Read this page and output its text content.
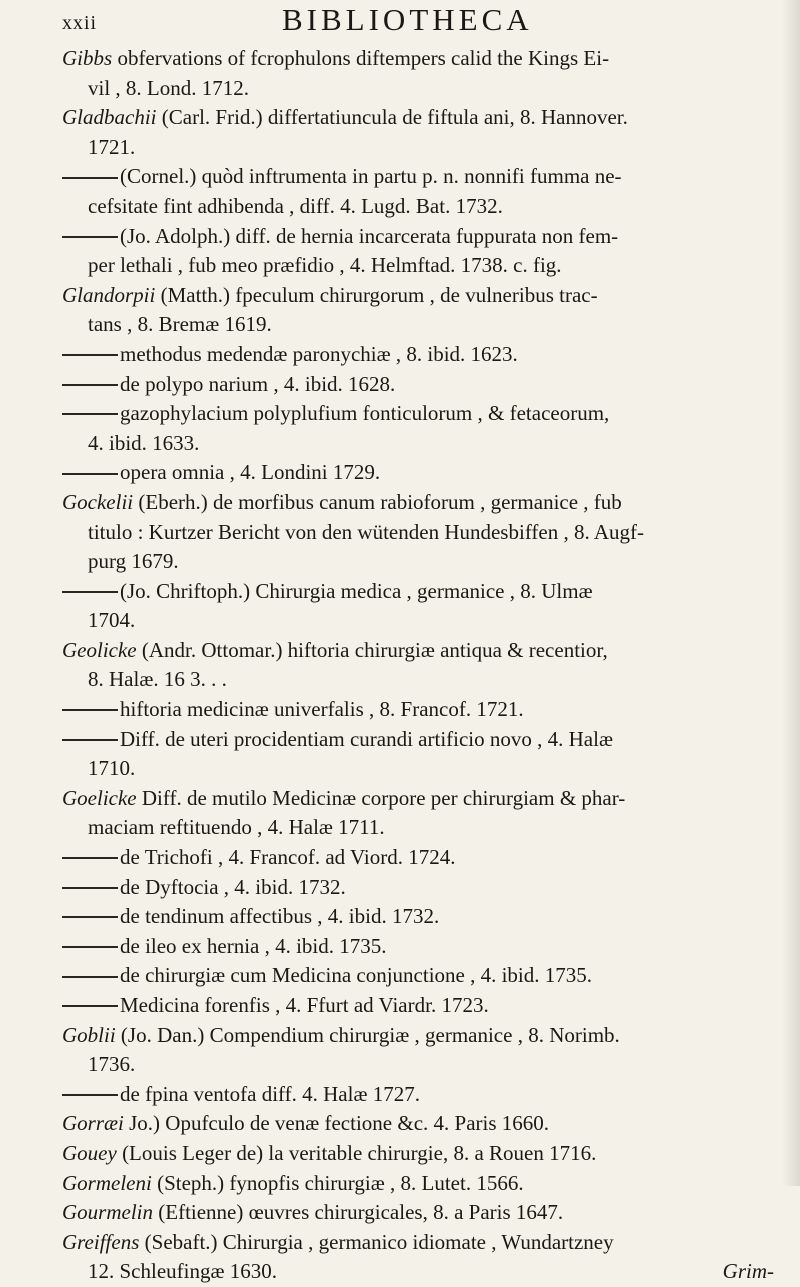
xxii	BIBLIOTHECA
Gibbs obfervations of fcrophulons diftempers calid the Kings Ei-
vil , 8. Lond. 1712.
Gladbachii (Carl. Frid.) differtatiuncula de fiftula ani, 8. Hannover.
1721.
(Cornel.) quòd inftrumenta in partu p. n. nonnifi fumma ne-
cefsitate fint adhibenda , diff. 4. Lugd. Bat. 1732.
(Jo. Adolph.) diff. de hernia incarcerata fuppurata non fem-
per lethali , fub meo præfidio , 4. Helmftad. 1738. c. fig.
Glandorpii (Matth.) fpeculum chirurgorum , de vulneribus trac-
tans , 8. Bremæ 1619.
methodus medendæ paronychiæ , 8. ibid. 1623.
de polypo narium , 4. ibid. 1628.
gazophylacium polyplufium fonticulorum , & fetaceorum,
4. ibid. 1633.
opera omnia , 4. Londini 1729.
Gockelii (Eberh.) de morfibus canum rabioforum , germanice , fub
titulo : Kurtzer Bericht von den wütenden Hundesbiffen , 8. Augf-
purg 1679.
(Jo. Chriftoph.) Chirurgia medica , germanice , 8. Ulmæ
1704.
Geolicke (Andr. Ottomar.) hiftoria chirurgiæ antiqua & recentior,
8. Halæ. 16 3. . .
hiftoria medicinæ univerfalis , 8. Francof. 1721.
Diff. de uteri procidentiam curandi artificio novo , 4. Halæ
1710.
Goelicke Diff. de mutilo Medicinæ corpore per chirurgiam & phar-
maciam reftituendo , 4. Halæ 1711.
de Trichofi , 4. Francof. ad Viord. 1724.
de Dyftocia , 4. ibid. 1732.
de tendinum affectibus , 4. ibid. 1732.
de ileo ex hernia , 4. ibid. 1735.
de chirurgiæ cum Medicina conjunctione , 4. ibid. 1735.
Medicina forenfis , 4. Ffurt ad Viardr. 1723.
Goblii (Jo. Dan.) Compendium chirurgiæ , germanice , 8. Norimb.
1736.
de fpina ventofa diff. 4. Halæ 1727.
Gorræi Jo.) Opufculo de venæ fectione &c. 4. Paris 1660.
Gouey (Louis Leger de) la veritable chirurgie, 8. a Rouen 1716.
Gormeleni (Steph.) fynopfis chirurgiæ , 8. Lutet. 1566.
Gourmelin (Eftienne) œuvres chirurgicales, 8. a Paris 1647.
Greiffens (Sebaft.) Chirurgia , germanico idiomate , Wundartzney
12. Schleufingæ 1630.	Grim-
